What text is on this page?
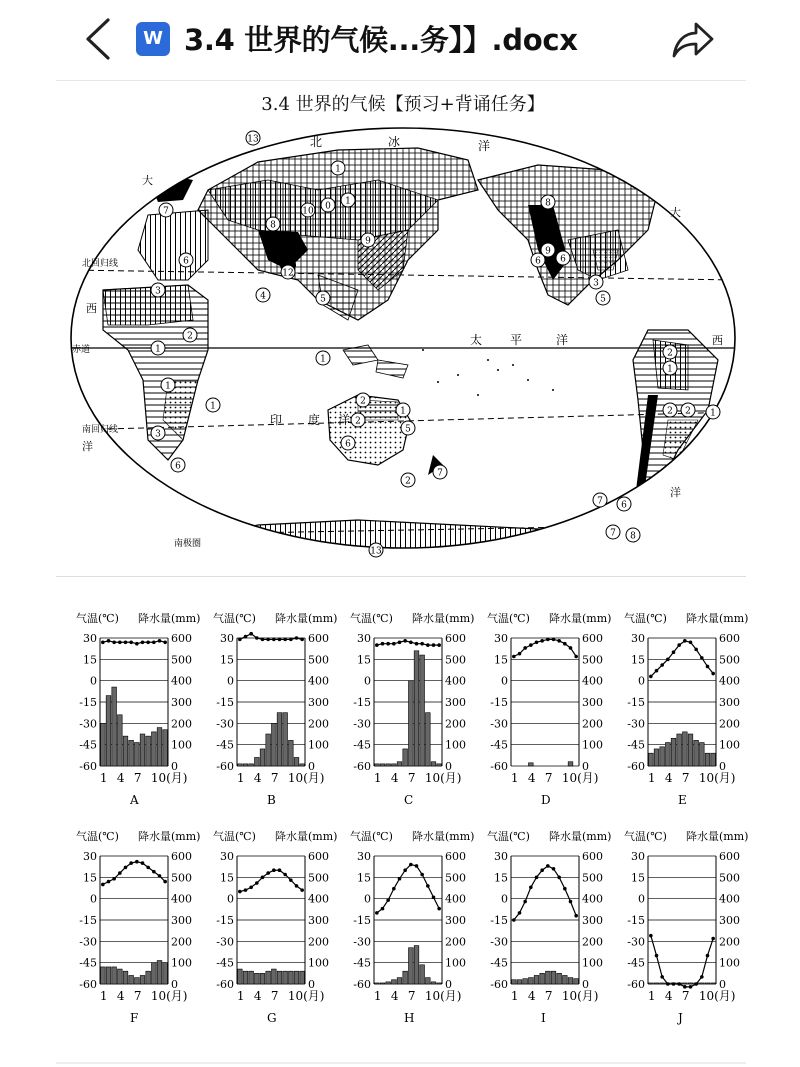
W 3.4 世界的气候...务】】.docx
3.4 世界的气候【预习+背诵任务】
北	冰	洋
太 平	洋
印 度 洋
西
西
大
大
洋
洋
赤道
北回归线
南回归线
南极圈
13
1
1
0
8
7
6
12
9
5
3	4
2
1
1
1
2
2
1
3
6
2
6
5
7
1
10
8
5
3
1
2 2
6
6
7
13
9
6
2
1
8
7
气温(℃) 降水量(mm)
30	600
15	500
0	400
-15	300
-30	200
-45	100
-60	0
1 4 7 10(月)
A
气温(℃) 降水量(mm)
30	600
15	500
0	400
-15	300
-30	200
-45	100
-60	0
1 4 7 10(月)
B
气温(℃) 降水量(mm)
30	600
15	500
0	400
-15	300
-30	200
-45	100
-60	0
1 4 7 10(月)
C
气温(℃) 降水量(mm)
30	600
15	500
0	400
-15	300
-30	200
-45	100
-60	0
1 4 7 10(月)
D
气温(℃) 降水量(mm)
30	600
15	500
0	400
-15	300
-30	200
-45	100
-60	0
1 4 7 10(月)
E
气温(℃) 降水量(mm)
30	600
15	500
0	400
-15	300
-30	200
-45	100
-60	0
1 4 7 10(月)
F
气温(℃) 降水量(mm)
30	600
15	500
0	400
-15	300
-30	200
-45	100
-60	0
1 4 7 10(月)
G
气温(℃) 降水量(mm)
30	600
15	500
0	400
-15	300
-30	200
-45	100
-60	0
1 4 7 10(月)
H
气温(℃) 降水量(mm)
30	600
15	500
0	400
-15	300
-30	200
-45	100
-60	0
1 4 7 10(月)
I
气温(℃) 降水量(mm)
30	600
15	500
0	400
-15	300
-30	200
-45	100
-60	0
1 4 7 10(月)
J
